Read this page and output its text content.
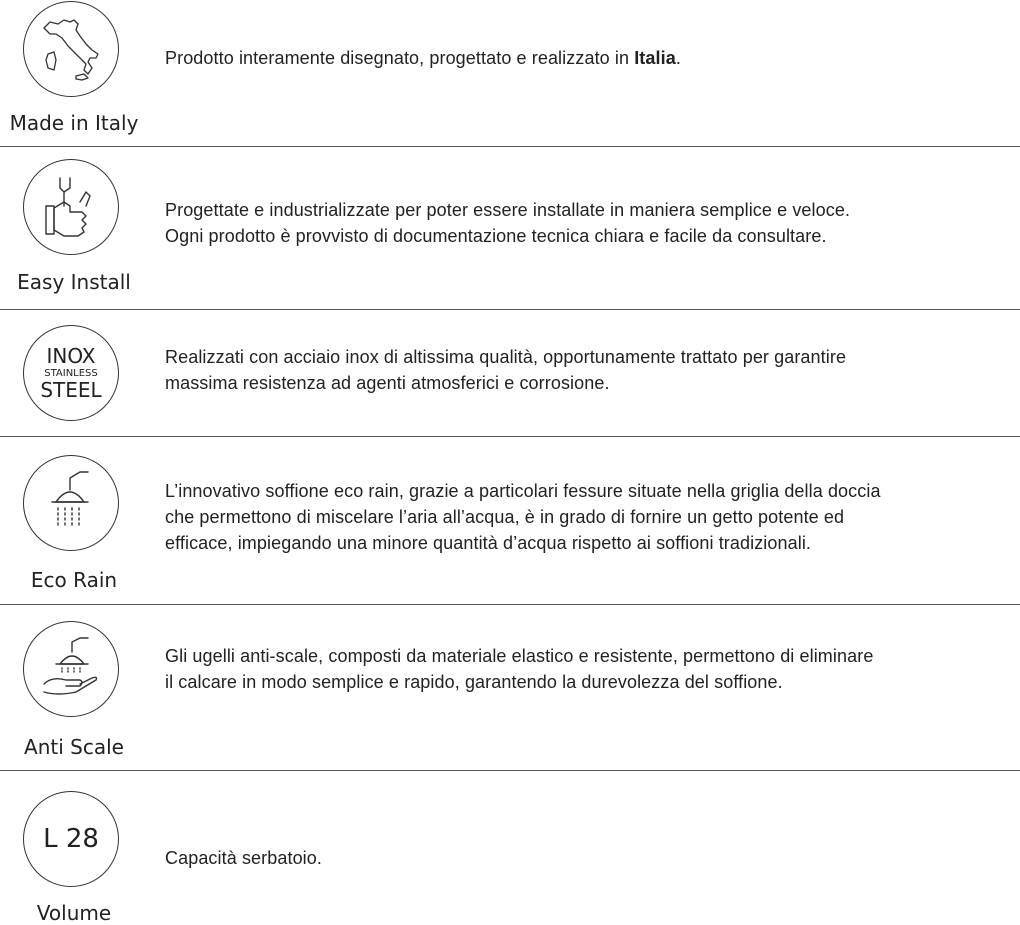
Made in Italy

Prodotto interamente disegnato, progettato e realizzato in Italia.

Easy Install

Progettate e industrializzate per poter essere installate in maniera semplice e veloce.

Ogni prodotto è provvisto di documentazione tecnica chiara e facile da consultare.

INOX
STAINLESS
STEEL

Realizzati con acciaio inox di altissima qualità, opportunamente trattato per garantire

massima resistenza ad agenti atmosferici e corrosione.

Eco Rain

L’innovativo soffione eco rain, grazie a particolari fessure situate nella griglia della doccia

che permettono di miscelare l’aria all’acqua, è in grado di fornire un getto potente ed

efficace, impiegando una minore quantità d’acqua rispetto ai soffioni tradizionali.

Anti Scale

Gli ugelli anti-scale, composti da materiale elastico e resistente, permettono di eliminare

il calcare in modo semplice e rapido, garantendo la durevolezza del soffione.

L 28
Volume

Capacità serbatoio.
